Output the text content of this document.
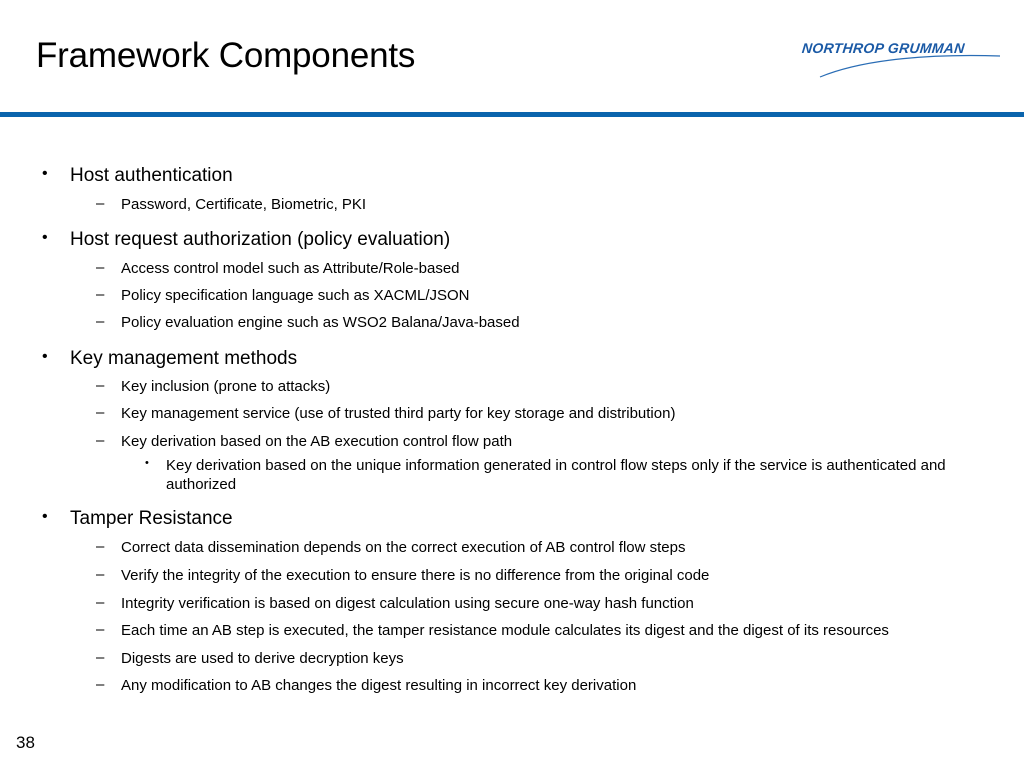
Framework Components	NORTHROP GRUMMAN
• Host authentication
– Password, Certificate, Biometric, PKI
• Host request authorization (policy evaluation)
– Access control model such as Attribute/Role-based
– Policy specification language such as XACML/JSON
– Policy evaluation engine such as WSO2 Balana/Java-based
• Key management methods
– Key inclusion (prone to attacks)
– Key management service (use of trusted third party for key storage and distribution)
– Key derivation based on the AB execution control flow path
• Key derivation based on the unique information generated in control flow steps only if the service is authenticated and authorized
• Tamper Resistance
– Correct data dissemination depends on the correct execution of AB control flow steps
– Verify the integrity of the execution to ensure there is no difference from the original code
– Integrity verification is based on digest calculation using secure one-way hash function
– Each time an AB step is executed, the tamper resistance module calculates its digest and the digest of its resources
– Digests are used to derive decryption keys
– Any modification to AB changes the digest resulting in incorrect key derivation
38
